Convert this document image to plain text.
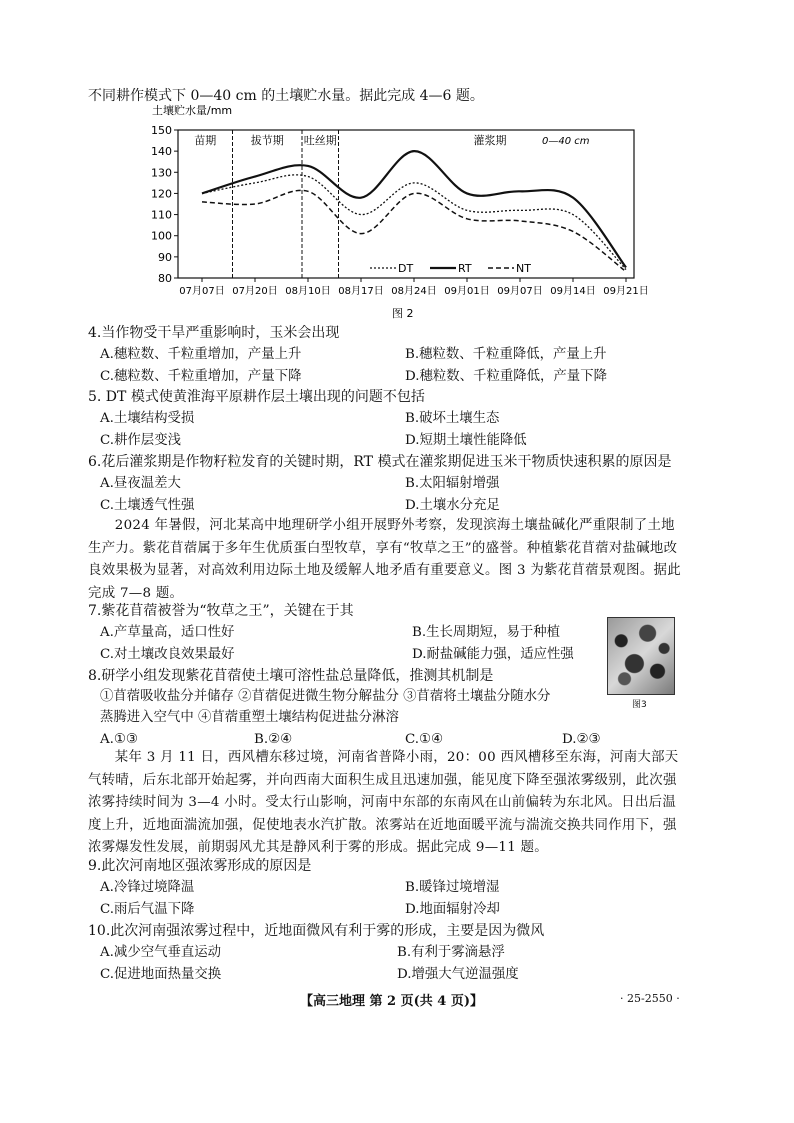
不同耕作模式下 0—40 cm 的土壤贮水量。据此完成 4—6 题。
土壤贮水量/mm
80
90
100
110
120
130
140
150
苗期	拔节期 吐丝期	灌浆期	0—40 cm
DT	RT	NT
07月07日 07月20日 08月10日 08月17日 08月24日 09月01日 09月07日 09月14日 09月21日
图 2
4.当作物受干旱严重影响时，玉米会出现
A.穗粒数、千粒重增加，产量上升	B.穗粒数、千粒重降低，产量上升
C.穗粒数、千粒重增加，产量下降	D.穗粒数、千粒重降低，产量下降
5. DT 模式使黄淮海平原耕作层土壤出现的问题不包括
A.土壤结构受损	B.破坏土壤生态
C.耕作层变浅	D.短期土壤性能降低
6.花后灌浆期是作物籽粒发育的关键时期，RT 模式在灌浆期促进玉米干物质快速积累的原因是
A.昼夜温差大	B.太阳辐射增强
C.土壤透气性强	D.土壤水分充足
2024 年暑假，河北某高中地理研学小组开展野外考察，发现滨海土壤盐碱化严重限制了土地生产力。紫花苜蓿属于多年生优质蛋白型牧草，享有“牧草之王”的盛誉。种植紫花苜蓿对盐碱地改良效果极为显著，对高效利用边际土地及缓解人地矛盾有重要意义。图 3 为紫花苜蓿景观图。据此完成 7—8 题。
图3
7.紫花苜蓿被誉为“牧草之王”，关键在于其
A.产草量高，适口性好	B.生长周期短，易于种植
C.对土壤改良效果最好	D.耐盐碱能力强，适应性强
8.研学小组发现紫花苜蓿使土壤可溶性盐总量降低，推测其机制是
①苜蓿吸收盐分并储存 ②苜蓿促进微生物分解盐分 ③苜蓿将土壤盐分随水分
蒸腾进入空气中 ④苜蓿重塑土壤结构促进盐分淋溶
A.①③	B.②④	C.①④	D.②③
某年 3 月 11 日，西风槽东移过境，河南省普降小雨，20：00 西风槽移至东海，河南大部天气转晴，后东北部开始起雾，并向西南大面积生成且迅速加强，能见度下降至强浓雾级别，此次强浓雾持续时间为 3—4 小时。受太行山影响，河南中东部的东南风在山前偏转为东北风。日出后温度上升，近地面湍流加强，促使地表水汽扩散。浓雾站在近地面暖平流与湍流交换共同作用下，强浓雾爆发性发展，前期弱风尤其是静风利于雾的形成。据此完成 9—11 题。
9.此次河南地区强浓雾形成的原因是
A.冷锋过境降温	B.暖锋过境增湿
C.雨后气温下降	D.地面辐射冷却
10.此次河南强浓雾过程中，近地面微风有利于雾的形成，主要是因为微风
A.减少空气垂直运动	B.有利于雾滴悬浮
C.促进地面热量交换	D.增强大气逆温强度
【高三地理 第 2 页(共 4 页)】	· 25-2550 ·
